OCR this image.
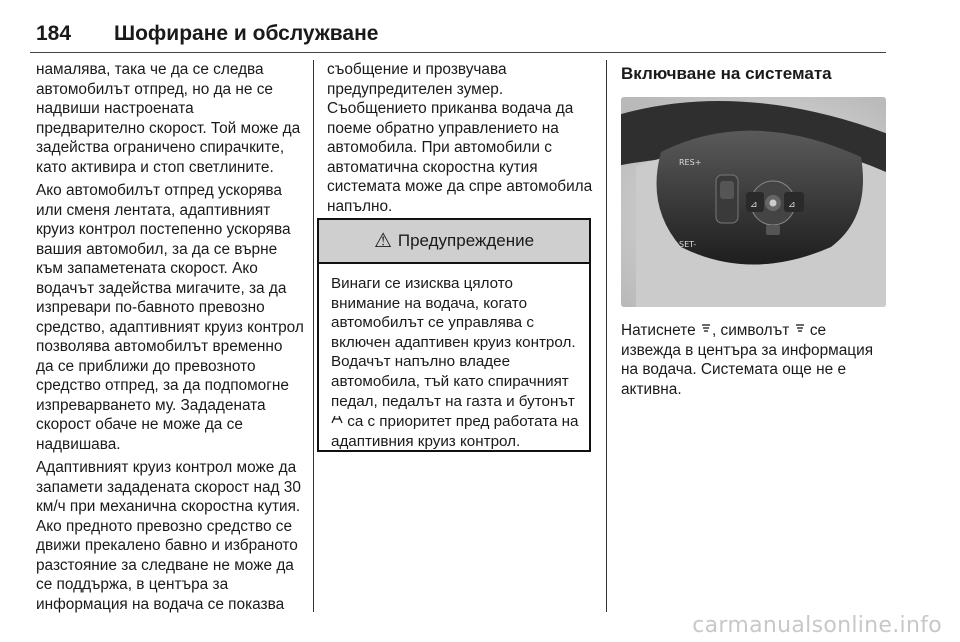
184 Шофиране и обслужване

намалява, така че да се следва автомобилът отпред, но да не се надвиши настроената предварително скорост. Той може да задейства ограничено спирачките, като активира и стоп светлините.

Ако автомобилът отпред ускорява или сменя лентата, адаптивният круиз контрол постепенно ускорява вашия автомобил, за да се върне към запаметената скорост. Ако водачът задейства мигачите, за да изпревари по-бавното превозно средство, адаптивният круиз контрол позволява автомобилът временно да се приближи до превозното средство отпред, за да подпомогне изпреварването му. Зададената скорост обаче не може да се надвишава.

Адаптивният круиз контрол може да запамети зададената скорост над 30 км/ч при механична скоростна кутия. Ако предното превозно средство се движи прекалено бавно и избраното разстояние за следване не може да се поддържа, в центъра за информация на водача се показва

съобщение и прозвучава предупредителен зумер. Съобщението приканва водача да поеме обратно управлението на автомобила. При автомобили с автоматична скоростна кутия системата може да спре автомобила напълно.

⚠ Предупреждение
Винаги се изисква цялото внимание на водача, когато автомобилът се управлява с включен адаптивен круиз контрол. Водачът напълно владее автомобила, тъй като спирачният педал, педалът на газта и бутонът  са с приоритет пред работата на адаптивния круиз контрол.
Включване на системата
RES+
SET-
⊿	⊿
Натиснете , символът се извежда в центъра за информация на водача. Системата още не е активна.
carmanualsonline.info
